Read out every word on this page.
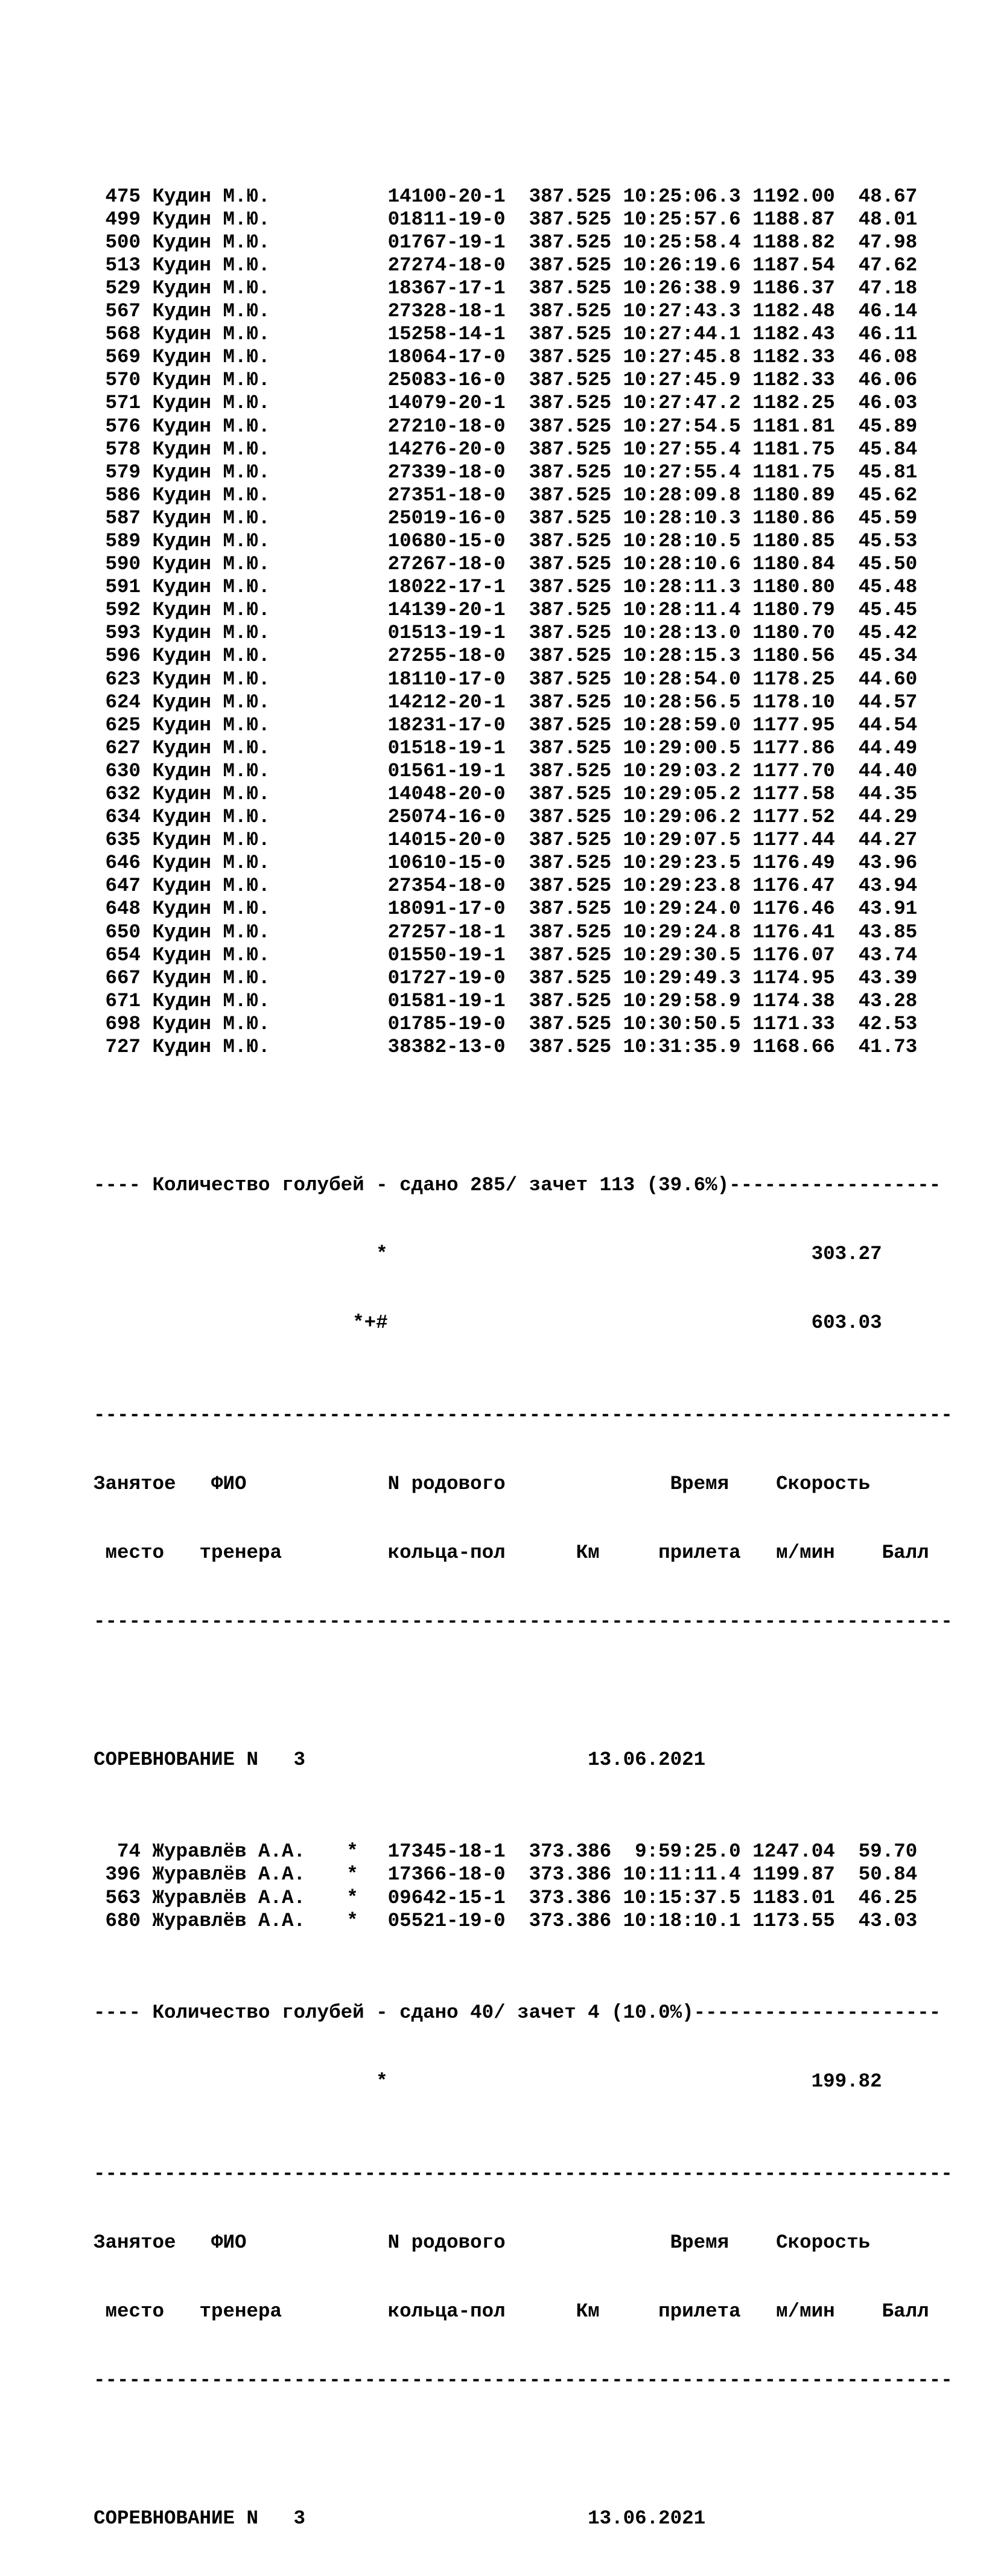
475 Кудин М.Ю.	14100-20-1 387.525 10:25:06.3 1192.00 48.67
499 Кудин М.Ю.	01811-19-0 387.525 10:25:57.6 1188.87 48.01
500 Кудин М.Ю.	01767-19-1 387.525 10:25:58.4 1188.82 47.98
513 Кудин М.Ю.	27274-18-0 387.525 10:26:19.6 1187.54 47.62
529 Кудин М.Ю.	18367-17-1 387.525 10:26:38.9 1186.37 47.18
567 Кудин М.Ю.	27328-18-1 387.525 10:27:43.3 1182.48 46.14
568 Кудин М.Ю.	15258-14-1 387.525 10:27:44.1 1182.43 46.11
569 Кудин М.Ю.	18064-17-0 387.525 10:27:45.8 1182.33 46.08
570 Кудин М.Ю.	25083-16-0 387.525 10:27:45.9 1182.33 46.06
571 Кудин М.Ю.	14079-20-1 387.525 10:27:47.2 1182.25 46.03
576 Кудин М.Ю.	27210-18-0 387.525 10:27:54.5 1181.81 45.89
578 Кудин М.Ю.	14276-20-0 387.525 10:27:55.4 1181.75 45.84
579 Кудин М.Ю.	27339-18-0 387.525 10:27:55.4 1181.75 45.81
586 Кудин М.Ю.	27351-18-0 387.525 10:28:09.8 1180.89 45.62
587 Кудин М.Ю.	25019-16-0 387.525 10:28:10.3 1180.86 45.59
589 Кудин М.Ю.	10680-15-0 387.525 10:28:10.5 1180.85 45.53
590 Кудин М.Ю.	27267-18-0 387.525 10:28:10.6 1180.84 45.50
591 Кудин М.Ю.	18022-17-1 387.525 10:28:11.3 1180.80 45.48
592 Кудин М.Ю.	14139-20-1 387.525 10:28:11.4 1180.79 45.45
593 Кудин М.Ю.	01513-19-1 387.525 10:28:13.0 1180.70 45.42
596 Кудин М.Ю.	27255-18-0 387.525 10:28:15.3 1180.56 45.34
623 Кудин М.Ю.	18110-17-0 387.525 10:28:54.0 1178.25 44.60
624 Кудин М.Ю.	14212-20-1 387.525 10:28:56.5 1178.10 44.57
625 Кудин М.Ю.	18231-17-0 387.525 10:28:59.0 1177.95 44.54
627 Кудин М.Ю.	01518-19-1 387.525 10:29:00.5 1177.86 44.49
630 Кудин М.Ю.	01561-19-1 387.525 10:29:03.2 1177.70 44.40
632 Кудин М.Ю.	14048-20-0 387.525 10:29:05.2 1177.58 44.35
634 Кудин М.Ю.	25074-16-0 387.525 10:29:06.2 1177.52 44.29
635 Кудин М.Ю.	14015-20-0 387.525 10:29:07.5 1177.44 44.27
646 Кудин М.Ю.	10610-15-0 387.525 10:29:23.5 1176.49 43.96
647 Кудин М.Ю.	27354-18-0 387.525 10:29:23.8 1176.47 43.94
648 Кудин М.Ю.	18091-17-0 387.525 10:29:24.0 1176.46 43.91
650 Кудин М.Ю.	27257-18-1 387.525 10:29:24.8 1176.41 43.85
654 Кудин М.Ю.	01550-19-1 387.525 10:29:30.5 1176.07 43.74
667 Кудин М.Ю.	01727-19-0 387.525 10:29:49.3 1174.95 43.39
671 Кудин М.Ю.	01581-19-1 387.525 10:29:58.9 1174.38 43.28
698 Кудин М.Ю.	01785-19-0 387.525 10:30:50.5 1171.33 42.53
727 Кудин М.Ю.	38382-13-0 387.525 10:31:35.9 1168.66 41.73

---- Количество голубей - сдано 285/ зачет 113 (39.6%)------------------

*	303.27

*+#	603.03

-------------------------------------------------------------------------

Занятое ФИО	N родового	Время Скорость

место тренера	кольца-пол	Км	прилета м/мин Балл

-------------------------------------------------------------------------

СОРЕВНОВАНИЕ N   3	13.06.2021

74 Журавлёв А.А. * 17345-18-1 373.386 9:59:25.0 1247.04 59.70
396 Журавлёв А.А. * 17366-18-0 373.386 10:11:11.4 1199.87 50.84
563 Журавлёв А.А. * 09642-15-1 373.386 10:15:37.5 1183.01 46.25
680 Журавлёв А.А. * 05521-19-0 373.386 10:18:10.1 1173.55 43.03

---- Количество голубей - сдано 40/ зачет 4 (10.0%)---------------------

*	199.82

-------------------------------------------------------------------------

Занятое ФИО	N родового	Время Скорость

место тренера	кольца-пол	Км	прилета м/мин Балл

-------------------------------------------------------------------------

СОРЕВНОВАНИЕ N   3	13.06.2021
